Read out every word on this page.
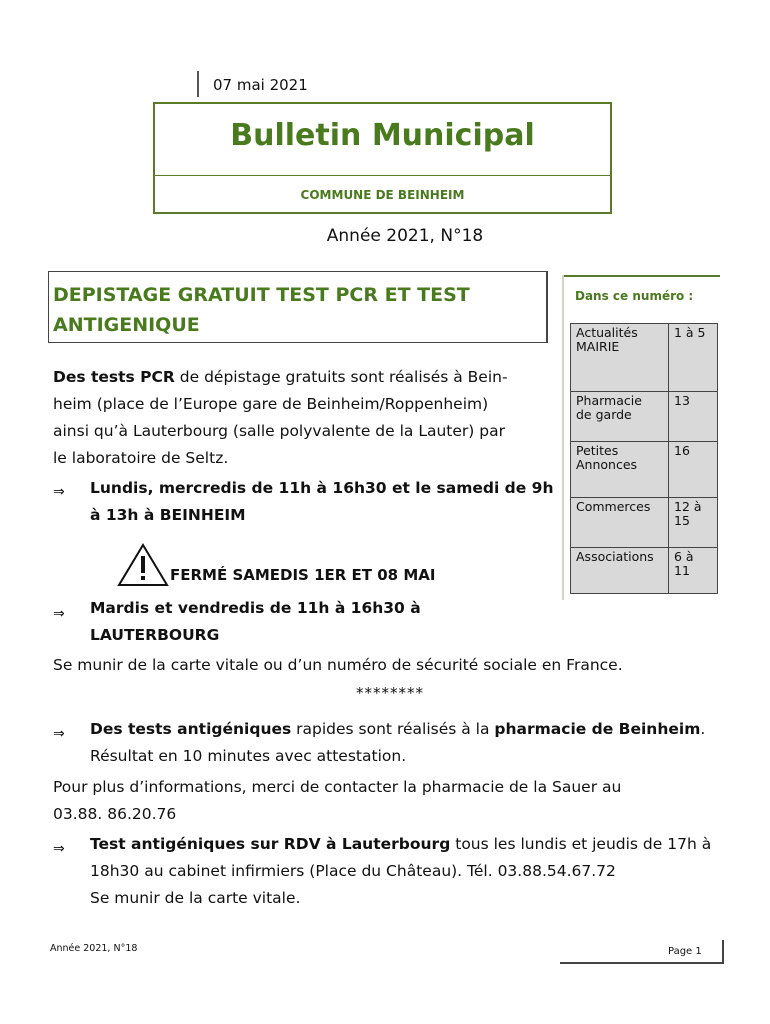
07 mai 2021
Bulletin Municipal
COMMUNE DE BEINHEIM
Année 2021, N°18
DEPISTAGE GRATUIT TEST PCR ET TEST
ANTIGENIQUE
Dans ce numéro :
Actualités
MAIRIE	1 à 5

Pharmacie
de garde	13

Petites
Annonces	16

Commerces	12 à
15

Associations	6 à 11
Des tests PCR de dépistage gratuits sont réalisés à Bein-
heim (place de l’Europe gare de Beinheim/Roppenheim)
ainsi qu’à Lauterbourg (salle polyvalente de la Lauter) par
le laboratoire de Seltz.
⇒ Lundis, mercredis de 11h à 16h30 et le samedi de 9h
à 13h à BEINHEIM
FERMÉ SAMEDIS 1ER ET 08 MAI
⇒ Mardis et vendredis de 11h à 16h30 à
LAUTERBOURG
Se munir de la carte vitale ou d’un numéro de sécurité sociale en France.
********
⇒ Des tests antigéniques rapides sont réalisés à la pharmacie de Beinheim.
Résultat en 10 minutes avec attestation.
Pour plus d’informations, merci de contacter la pharmacie de la Sauer au
03.88. 86.20.76
⇒ Test antigéniques sur RDV à Lauterbourg tous les lundis et jeudis de 17h à
18h30 au cabinet infirmiers (Place du Château). Tél. 03.88.54.67.72
Se munir de la carte vitale.
Année 2021, N°18	Page 1
